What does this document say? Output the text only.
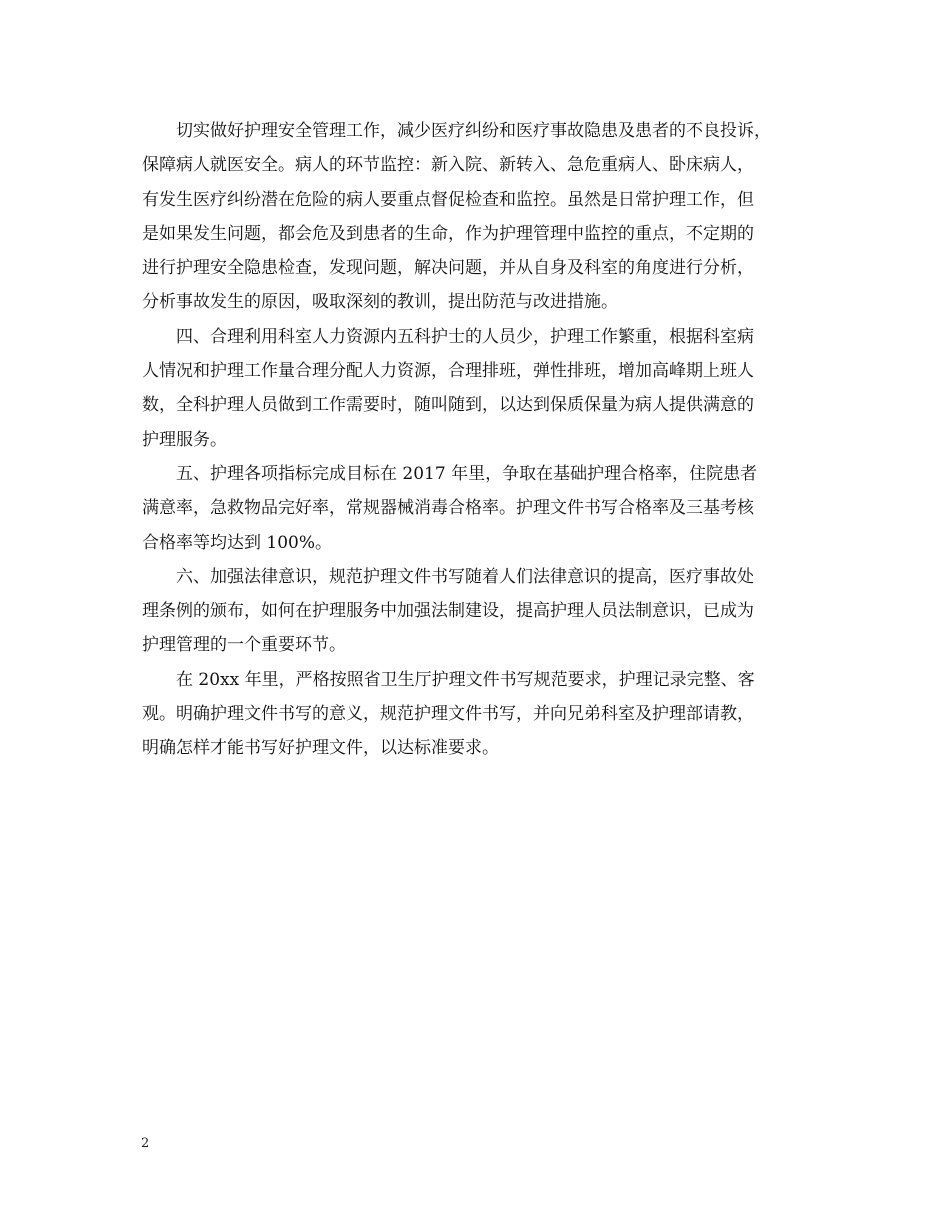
　　切实做好护理安全管理工作，减少医疗纠纷和医疗事故隐患及患者的不良投诉，
保障病人就医安全。病人的环节监控：新入院、新转入、急危重病人、卧床病人，
有发生医疗纠纷潜在危险的病人要重点督促检查和监控。虽然是日常护理工作，但
是如果发生问题，都会危及到患者的生命，作为护理管理中监控的重点，不定期的
进行护理安全隐患检查，发现问题，解决问题，并从自身及科室的角度进行分析，
分析事故发生的原因，吸取深刻的教训，提出防范与改进措施。

　　四、合理利用科室人力资源内五科护士的人员少，护理工作繁重，根据科室病
人情况和护理工作量合理分配人力资源，合理排班，弹性排班，增加高峰期上班人
数，全科护理人员做到工作需要时，随叫随到，以达到保质保量为病人提供满意的
护理服务。

　　五、护理各项指标完成目标在 2017 年里，争取在基础护理合格率，住院患者
满意率，急救物品完好率，常规器械消毒合格率。护理文件书写合格率及三基考核
合格率等均达到 100%。

　　六、加强法律意识，规范护理文件书写随着人们法律意识的提高，医疗事故处
理条例的颁布，如何在护理服务中加强法制建设，提高护理人员法制意识，已成为
护理管理的一个重要环节。

　　在 20xx 年里，严格按照省卫生厅护理文件书写规范要求，护理记录完整、客
观。明确护理文件书写的意义，规范护理文件书写，并向兄弟科室及护理部请教，
明确怎样才能书写好护理文件，以达标准要求。

2
